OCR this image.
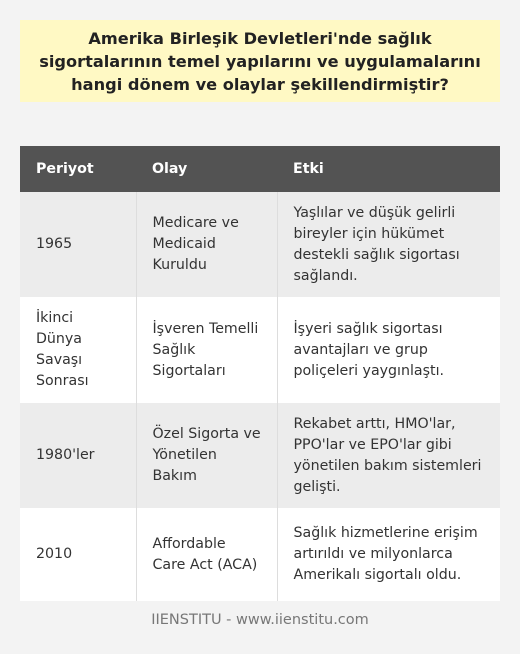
Amerika Birleşik Devletleri'nde sağlık sigortalarının temel yapılarını ve uygulamalarını hangi dönem ve olaylar şekillendirmiştir?
Periyot	Olay	Etki
1965	Medicare ve Medicaid Kuruldu	Yaşlılar ve düşük gelirli bireyler için hükümet destekli sağlık sigortası sağlandı.
İkinci Dünya Savaşı Sonrası	İşveren Temelli Sağlık Sigortaları	İşyeri sağlık sigortası avantajları ve grup poliçeleri yaygınlaştı.
1980'ler	Özel Sigorta ve Yönetilen Bakım	Rekabet arttı, HMO'lar, PPO'lar ve EPO'lar gibi yönetilen bakım sistemleri gelişti.
2010	Affordable Care Act (ACA)	Sağlık hizmetlerine erişim artırıldı ve milyonlarca Amerikalı sigortalı oldu.
IIENSTITU - www.iienstitu.com
